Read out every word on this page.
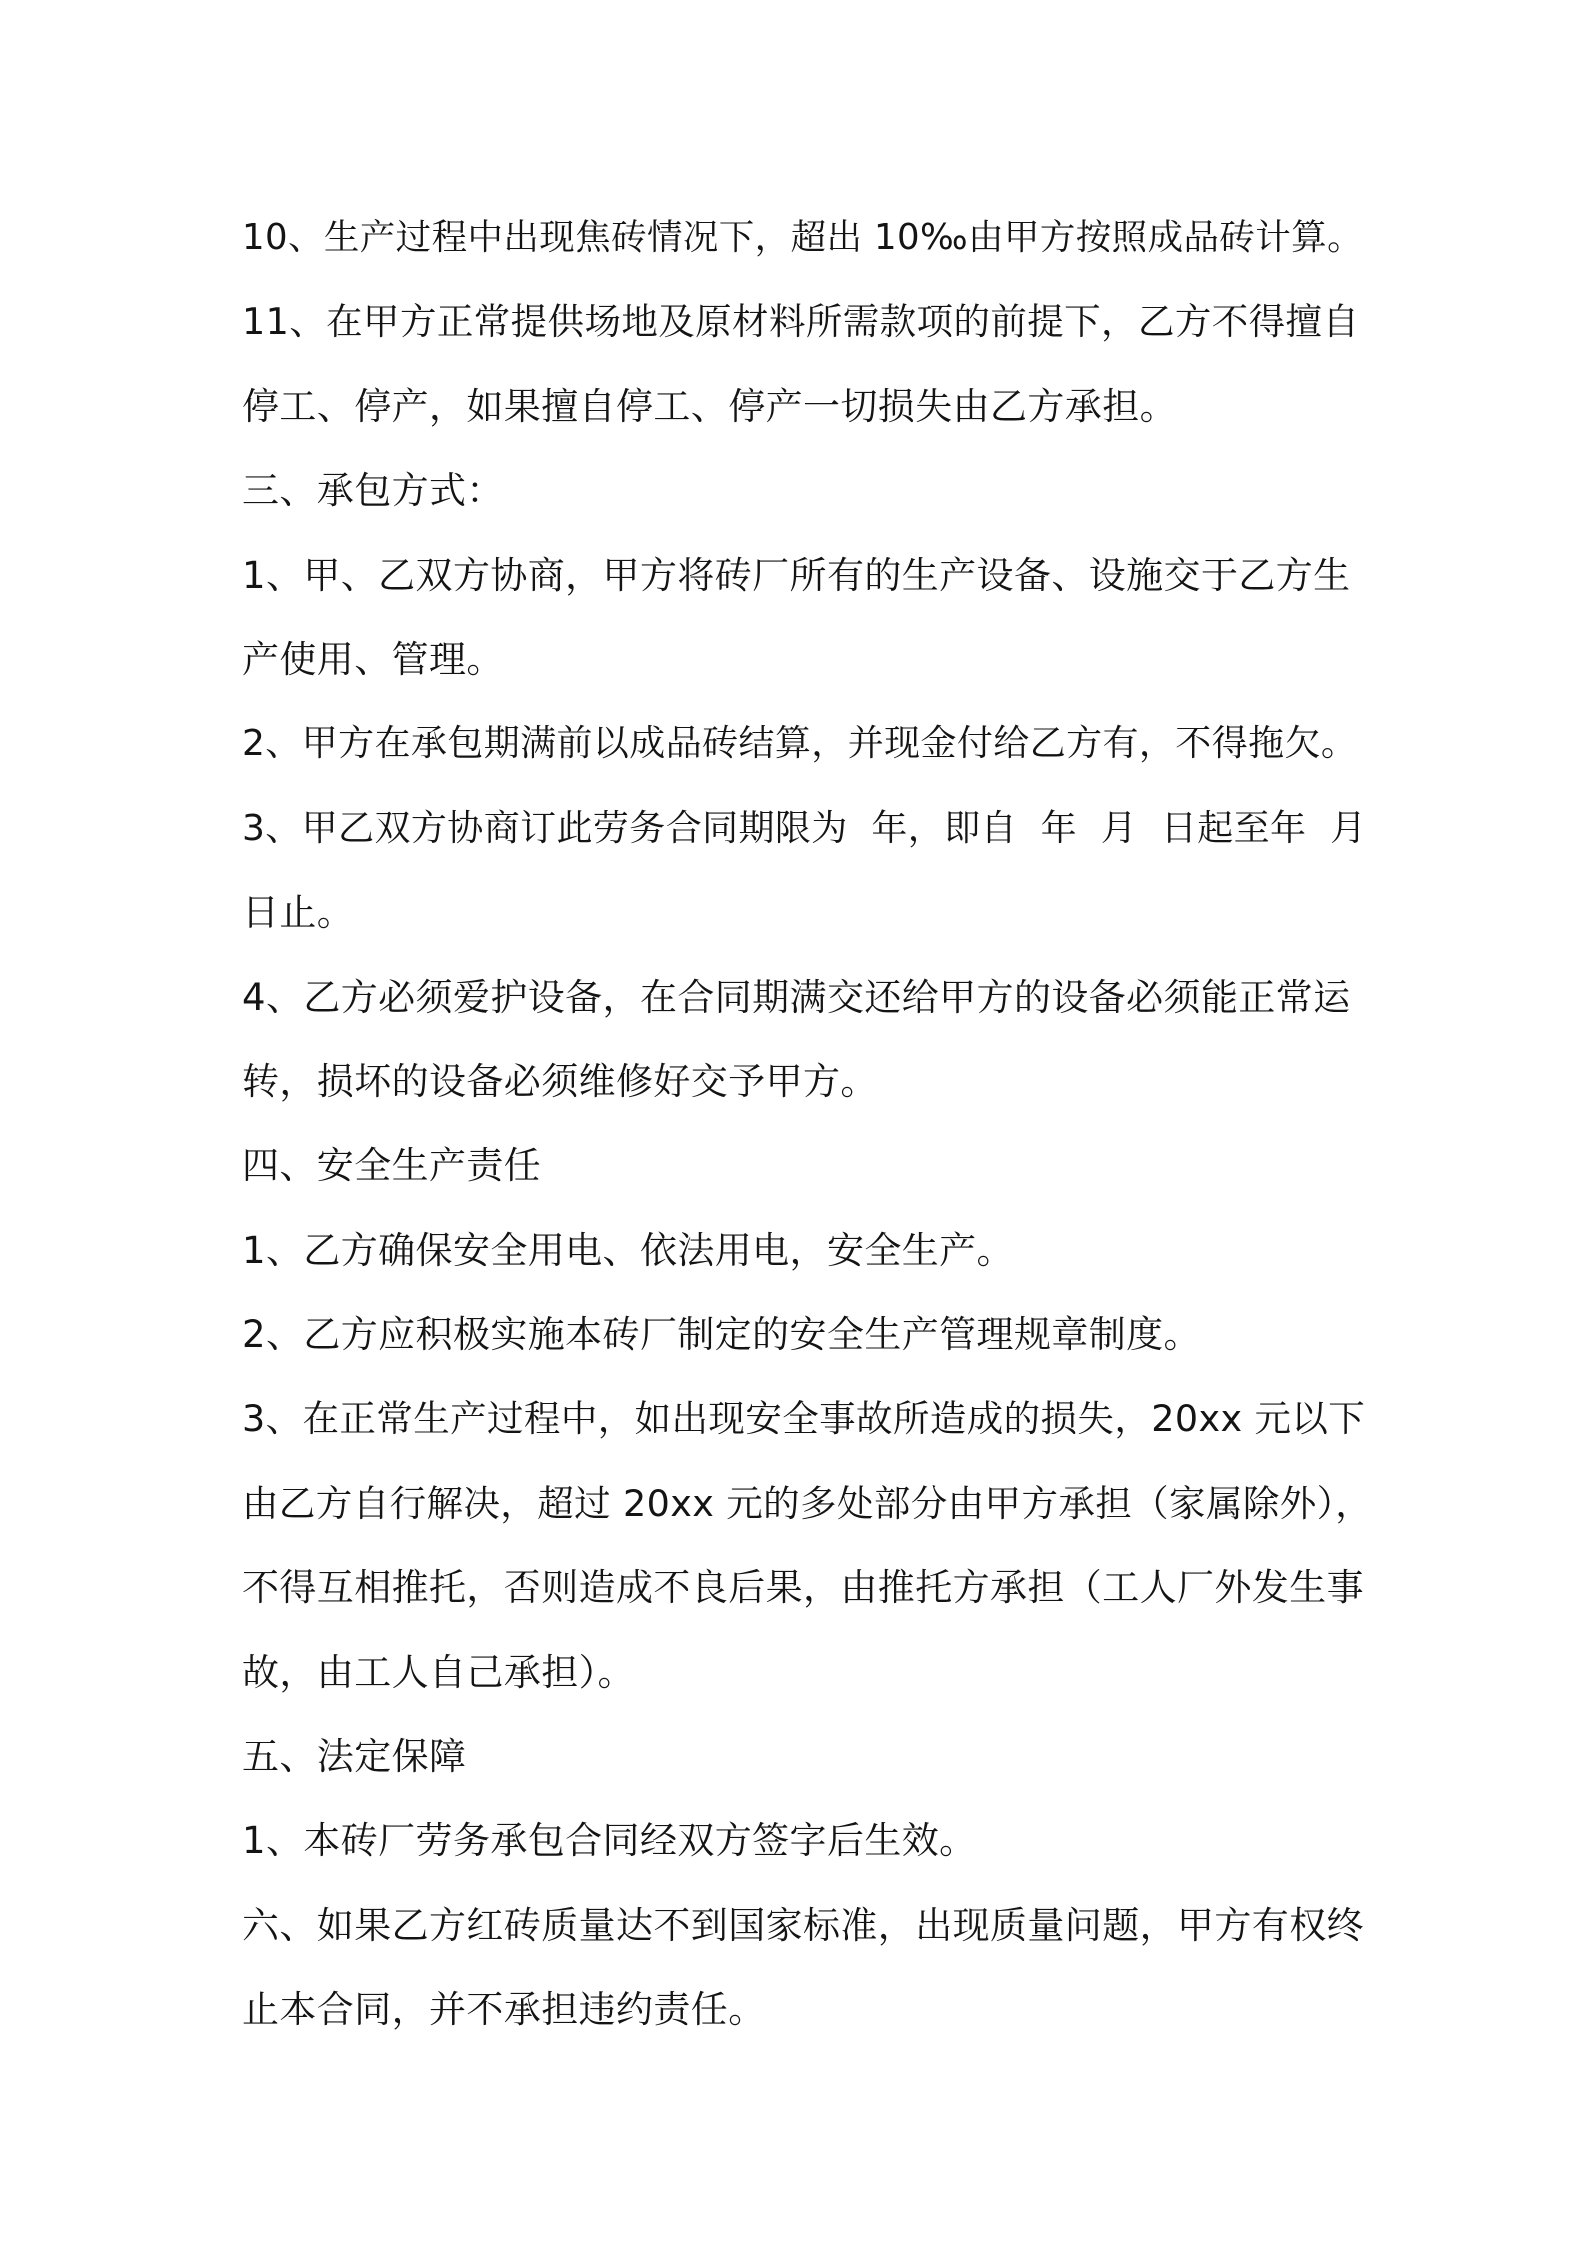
10、生产过程中出现焦砖情况下，超出 10‰由甲方按照成品砖计算。
11、在甲方正常提供场地及原材料所需款项的前提下，乙方不得擅自
停工、停产，如果擅自停工、停产一切损失由乙方承担。
三、承包方式：
1、甲、乙双方协商，甲方将砖厂所有的生产设备、设施交于乙方生
产使用、管理。
2、甲方在承包期满前以成品砖结算，并现金付给乙方有，不得拖欠。
3、甲乙双方协商订此劳务合同期限为  年，即自  年  月  日起至年  月
日止。
4、乙方必须爱护设备，在合同期满交还给甲方的设备必须能正常运
转，损坏的设备必须维修好交予甲方。
四、安全生产责任
1、乙方确保安全用电、依法用电，安全生产。
2、乙方应积极实施本砖厂制定的安全生产管理规章制度。
3、在正常生产过程中，如出现安全事故所造成的损失，20xx 元以下
由乙方自行解决，超过 20xx 元的多处部分由甲方承担（家属除外），
不得互相推托，否则造成不良后果，由推托方承担（工人厂外发生事
故，由工人自己承担）。
五、法定保障
1、本砖厂劳务承包合同经双方签字后生效。
六、如果乙方红砖质量达不到国家标准，出现质量问题，甲方有权终
止本合同，并不承担违约责任。
